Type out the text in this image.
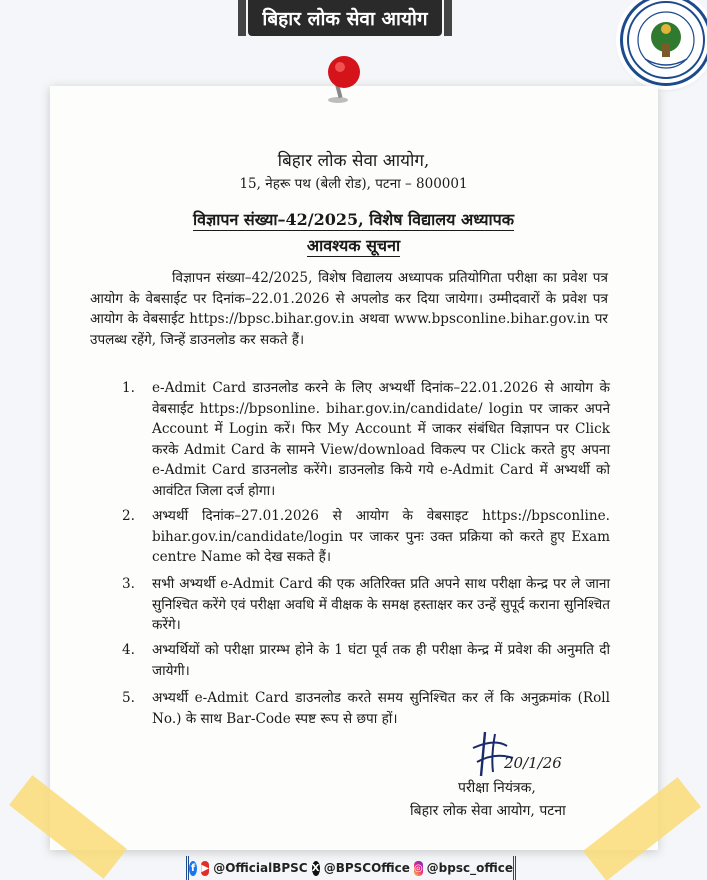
बिहार लोक सेवा आयोग
बिहार लोक सेवा आयोग,
15, नेहरू पथ (बेली रोड), पटना – 800001
विज्ञापन संख्या–42/2025, विशेष विद्यालय अध्यापक
आवश्यक सूचना
विज्ञापन संख्या–42/2025, विशेष विद्यालय अध्यापक प्रतियोगिता परीक्षा का प्रवेश पत्र आयोग के वेबसाईट पर दिनांक–22.01.2026 से अपलोड कर दिया जायेगा। उम्मीदवारों के प्रवेश पत्र आयोग के वेबसाईट https://bpsc.bihar.gov.in अथवा www.bpsconline.bihar.gov.in पर उपलब्ध रहेंगे, जिन्हें डाउनलोड कर सकते हैं।
1.	e-Admit Card डाउनलोड करने के लिए अभ्यर्थी दिनांक–22.01.2026 से आयोग के वेबसाईट https://bpsonline. bihar.gov.in/candidate/ login पर जाकर अपने Account में Login करें। फिर My Account में जाकर संबंधित विज्ञापन पर Click करके Admit Card के सामने View/download विकल्प पर Click करते हुए अपना e-Admit Card डाउनलोड करेंगे। डाउनलोड किये गये e-Admit Card में अभ्यर्थी को आवंटित जिला दर्ज होगा।
2.	अभ्यर्थी दिनांक–27.01.2026 से आयोग के वेबसाइट https://bpsconline. bihar.gov.in/candidate/login पर जाकर पुनः उक्त प्रक्रिया को करते हुए Exam centre Name को देख सकते हैं।
3.	सभी अभ्यर्थी e-Admit Card की एक अतिरिक्त प्रति अपने साथ परीक्षा केन्द्र पर ले जाना सुनिश्चित करेंगे एवं परीक्षा अवधि में वीक्षक के समक्ष हस्ताक्षर कर उन्हें सुपूर्द कराना सुनिश्चित करेंगे।
4.	अभ्यर्थियों को परीक्षा प्रारम्भ होने के 1 घंटा पूर्व तक ही परीक्षा केन्द्र में प्रवेश की अनुमति दी जायेगी।
5.	अभ्यर्थी e-Admit Card डाउनलोड करते समय सुनिश्चित कर लें कि अनुक्रमांक (Roll No.) के साथ Bar-Code स्पष्ट रूप से छपा हों।
20/1/26
परीक्षा नियंत्रक,
बिहार लोक सेवा आयोग, पटना
f ▶ @OfficialBPSC X @BPSCOffice ◎ @bpsc_office
